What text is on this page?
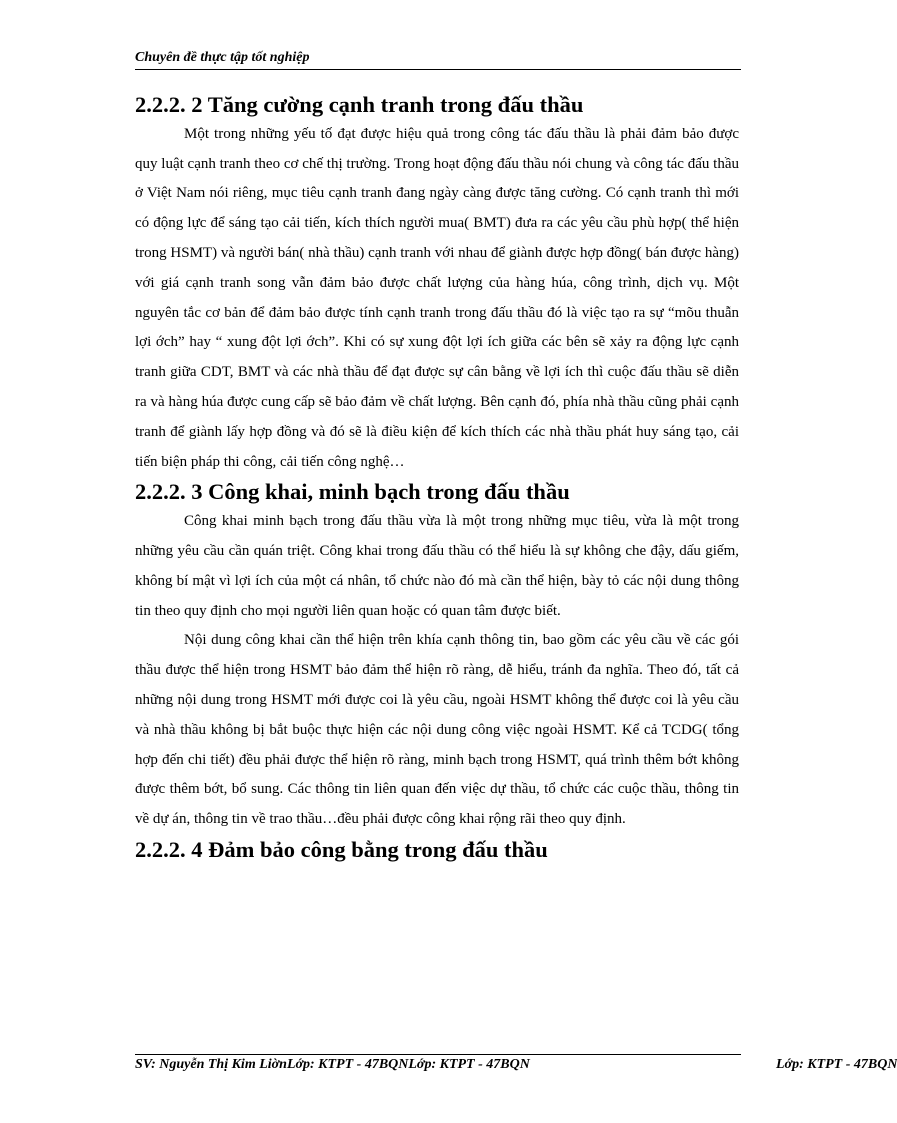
Chuyên đề thực tập tốt nghiệp
2.2.2. 2 Tăng cường cạnh tranh trong đấu thầu

Một trong những yếu tố đạt được hiệu quả trong công tác đấu thầu là phải đảm bảo được quy luật cạnh tranh theo cơ chế thị trường. Trong hoạt động đấu thầu nói chung và công tác đấu thầu ở Việt Nam nói riêng, mục tiêu cạnh tranh đang ngày càng được tăng cường. Có cạnh tranh thì mới có động lực để sáng tạo cải tiến, kích thích người mua( BMT) đưa ra các yêu cầu phù hợp( thể hiện trong HSMT) và người bán( nhà thầu) cạnh tranh với nhau để giành được hợp đồng( bán được hàng) với giá cạnh tranh song vẫn đảm bảo được chất lượng của hàng húa, công trình, dịch vụ. Một nguyên tắc cơ bản để đảm bảo được tính cạnh tranh trong đấu thầu đó là việc tạo ra sự “mõu thuẫn lợi ớch” hay “ xung đột lợi ớch”. Khi có sự xung đột lợi ích giữa các bên sẽ xảy ra động lực cạnh tranh giữa CDT, BMT và các nhà thầu để đạt được sự cân bằng về lợi ích thì cuộc đấu thầu sẽ diễn ra và hàng húa được cung cấp sẽ bảo đảm về chất lượng. Bên cạnh đó, phía nhà thầu cũng phải cạnh tranh để giành lấy hợp đồng và đó sẽ là điều kiện để kích thích các nhà thầu phát huy sáng tạo, cải tiến biện pháp thi công, cải tiến công nghệ…

2.2.2. 3 Công khai, minh bạch trong đấu thầu

Công khai minh bạch trong đấu thầu vừa là một trong những mục tiêu, vừa là một trong những yêu cầu cần quán triệt. Công khai trong đấu thầu có thể hiểu là sự không che đậy, dấu giếm, không bí mật vì lợi ích của một cá nhân, tổ chức nào đó mà cần thể hiện, bày tỏ các nội dung thông tin theo quy định cho mọi người liên quan hoặc có quan tâm được biết.

Nội dung công khai cần thể hiện trên khía cạnh thông tin, bao gồm các yêu cầu về các gói thầu được thể hiện trong HSMT bảo đảm thể hiện rõ ràng, dễ hiểu, tránh đa nghĩa. Theo đó, tất cả những nội dung trong HSMT mới được coi là yêu cầu, ngoài HSMT không thể được coi là yêu cầu và nhà thầu không bị bắt buộc thực hiện các nội dung công việc ngoài HSMT. Kể cả TCDG( tổng hợp đến chi tiết) đều phải được thể hiện rõ ràng, minh bạch trong HSMT, quá trình thêm bớt không được thêm bớt, bổ sung. Các thông tin liên quan đến việc dự thầu, tổ chức các cuộc thầu, thông tin về dự án, thông tin về trao thầu…đều phải được công khai rộng rãi theo quy định.

2.2.2. 4 Đảm bảo công bằng trong đấu thầu
SV: Nguyễn Thị Kim LiờnLớp: KTPT - 47BQNLớp: KTPT - 47BQN	Lớp: KTPT - 47BQN
